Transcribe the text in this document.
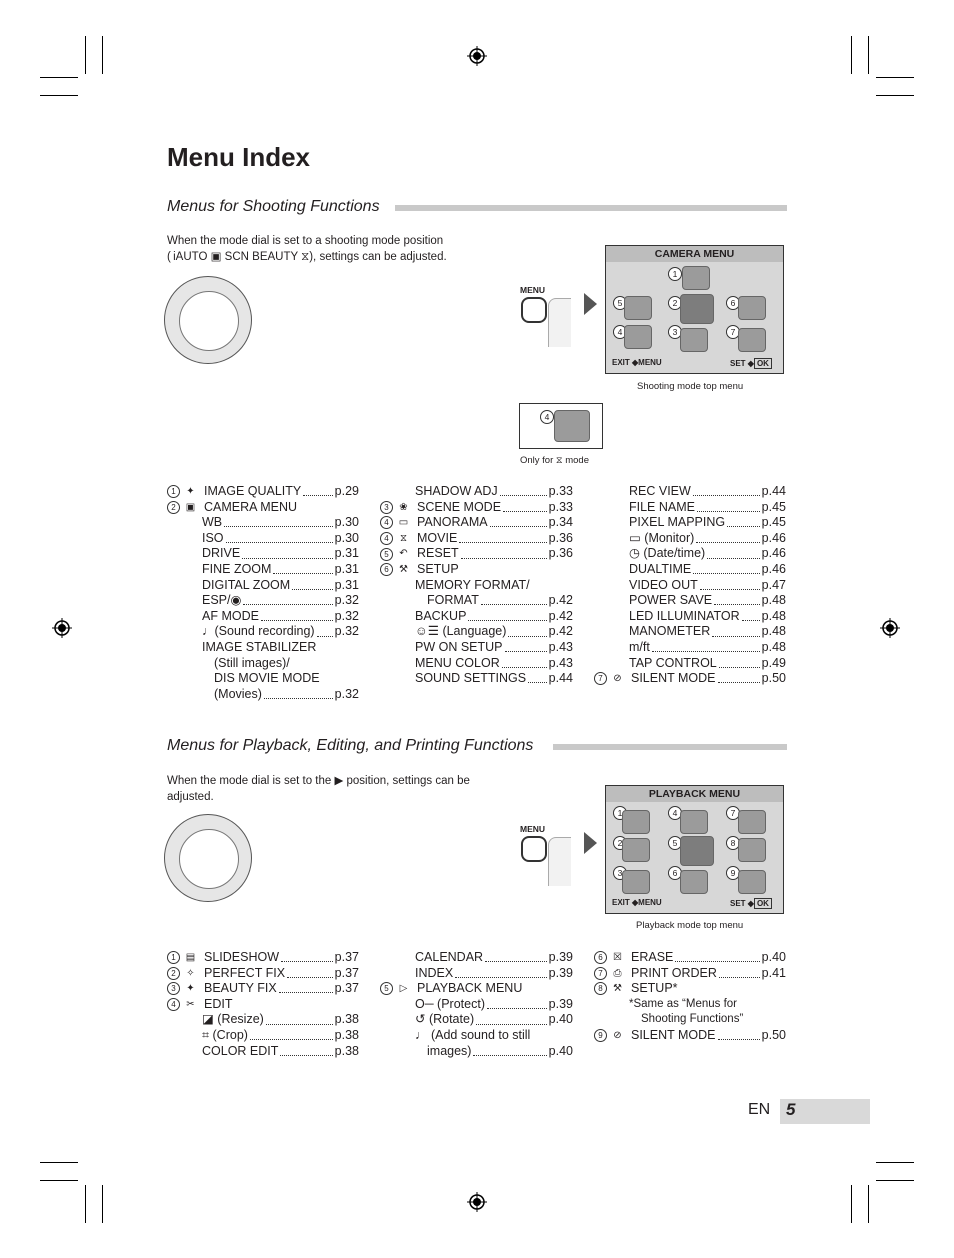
Menu Index
Menus for Shooting Functions
When the mode dial is set to a shooting mode position
( iAUTO ▣ SCN BEAUTY ⧖), settings can be adjusted.
MENU
CAMERA MENU
1
5	2	6
4	3	7
EXIT ◆MENU	SET ◆ OK
Shooting mode top menu
4
Only for ⧖ mode
1	✦ IMAGE QUALITY	p.29
2	▣ CAMERA MENU
WB	p.30
ISO	p.30
DRIVE	p.31
FINE ZOOM	p.31
DIGITAL ZOOM	p.31
ESP/◉	p.32
AF MODE	p.32
♩(Sound recording) p.32
IMAGE STABILIZER
(Still images)/
DIS MOVIE MODE
(Movies)	p.32
SHADOW ADJ	p.33
3	❀ SCENE MODE	p.33
4	▭ PANORAMA	p.34
4	⧖ MOVIE	p.36
5	↶ RESET	p.36
6	⚒ SETUP
MEMORY FORMAT/
FORMAT	p.42
BACKUP	p.42
☺☰ (Language)	p.42
PW ON SETUP	p.43
MENU COLOR	p.43
SOUND SETTINGS p.44
REC VIEW	p.44
FILE NAME	p.45
PIXEL MAPPING	p.45
▭ (Monitor)	p.46
◷ (Date/time)	p.46
DUALTIME	p.46
VIDEO OUT	p.47
POWER SAVE	p.48
LED ILLUMINATOR p.48
MANOMETER	p.48
m/ft	p.48
TAP CONTROL	p.49
7	⊘ SILENT MODE	p.50
Menus for Playback, Editing, and Printing Functions
When the mode dial is set to the ▶ position, settings can be
adjusted.
MENU
PLAYBACK MENU
1	4	7
2	5	8
3	6	9
EXIT ◆MENU	SET ◆ OK
Playback mode top menu
1	▤ SLIDESHOW	p.37
2	✧ PERFECT FIX	p.37
3	✦ BEAUTY FIX	p.37
4	✂ EDIT
◪ (Resize)	p.38
⌗ (Crop)	p.38
COLOR EDIT	p.38
CALENDAR	p.39
INDEX	p.39
5	▷ PLAYBACK MENU
O─ (Protect)	p.39
↺ (Rotate)	p.40
♩ (Add sound to still
images)	p.40
6	☒ ERASE	p.40
7	⎙ PRINT ORDER	p.41
8	⚒ SETUP*
*Same as “Menus for
Shooting Functions”
9	⊘ SILENT MODE	p.50
EN 5
